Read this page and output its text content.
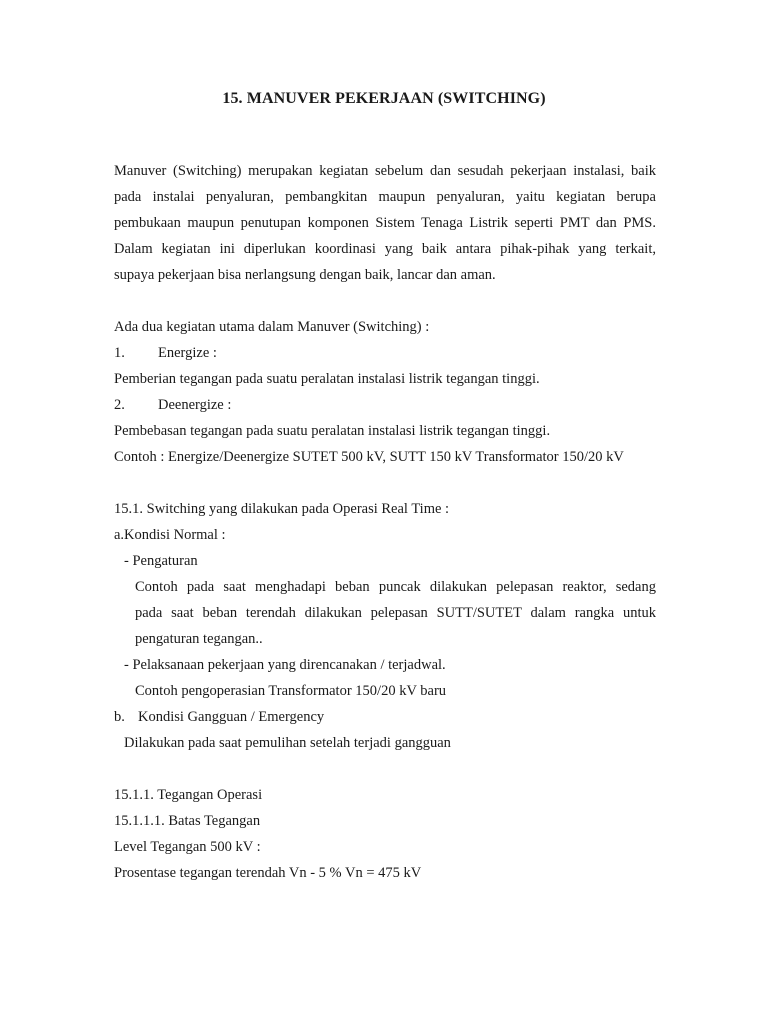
15. MANUVER PEKERJAAN (SWITCHING)
Manuver (Switching) merupakan kegiatan sebelum dan sesudah pekerjaan instalasi, baik
pada instalai penyaluran, pembangkitan maupun penyaluran, yaitu kegiatan berupa
pembukaan maupun penutupan komponen Sistem Tenaga Listrik seperti PMT dan PMS.
Dalam kegiatan ini diperlukan koordinasi yang baik antara pihak-pihak yang terkait,
supaya pekerjaan bisa nerlangsung dengan baik, lancar dan aman.
Ada dua kegiatan utama dalam Manuver (Switching) :
1. Energize :
Pemberian tegangan pada suatu peralatan instalasi listrik tegangan tinggi.
2. Deenergize :
Pembebasan tegangan pada suatu peralatan instalasi listrik tegangan tinggi.
Contoh : Energize/Deenergize SUTET 500 kV, SUTT 150 kV Transformator 150/20 kV
15.1. Switching yang dilakukan pada Operasi Real Time :
a.Kondisi Normal :
- Pengaturan
Contoh pada saat menghadapi beban puncak dilakukan pelepasan reaktor, sedang
pada saat beban terendah dilakukan pelepasan SUTT/SUTET dalam rangka untuk
pengaturan tegangan..
- Pelaksanaan pekerjaan yang direncanakan / terjadwal.
Contoh pengoperasian Transformator 150/20 kV baru
b. Kondisi Gangguan / Emergency
Dilakukan pada saat pemulihan setelah terjadi gangguan
15.1.1. Tegangan Operasi
15.1.1.1. Batas Tegangan
Level Tegangan 500 kV :
Prosentase tegangan terendah Vn - 5 % Vn = 475 kV
